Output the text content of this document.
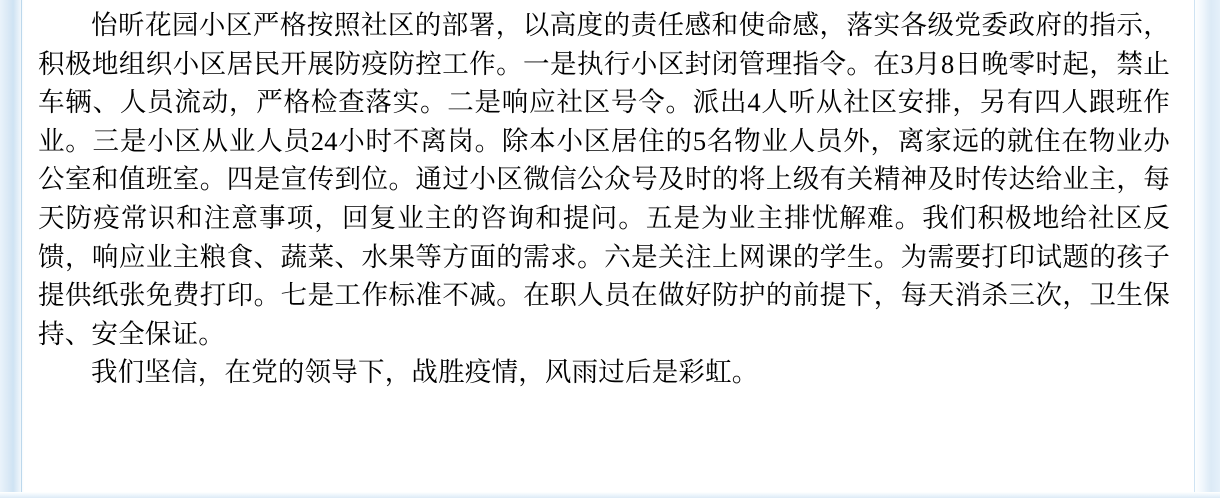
怡昕花园小区严格按照社区的部署，以高度的责任感和使命感，落实各级党委政府的指示，积极地组织小区居民开展防疫防控工作。一是执行小区封闭管理指令。在3月8日晚零时起，禁止车辆、人员流动，严格检查落实。二是响应社区号令。派出4人听从社区安排，另有四人跟班作业。三是小区从业人员24小时不离岗。除本小区居住的5名物业人员外，离家远的就住在物业办公室和值班室。四是宣传到位。通过小区微信公众号及时的将上级有关精神及时传达给业主，每天防疫常识和注意事项，回复业主的咨询和提问。五是为业主排忧解难。我们积极地给社区反馈，响应业主粮食、蔬菜、水果等方面的需求。六是关注上网课的学生。为需要打印试题的孩子提供纸张免费打印。七是工作标准不减。在职人员在做好防护的前提下，每天消杀三次，卫生保持、安全保证。

我们坚信，在党的领导下，战胜疫情，风雨过后是彩虹。
